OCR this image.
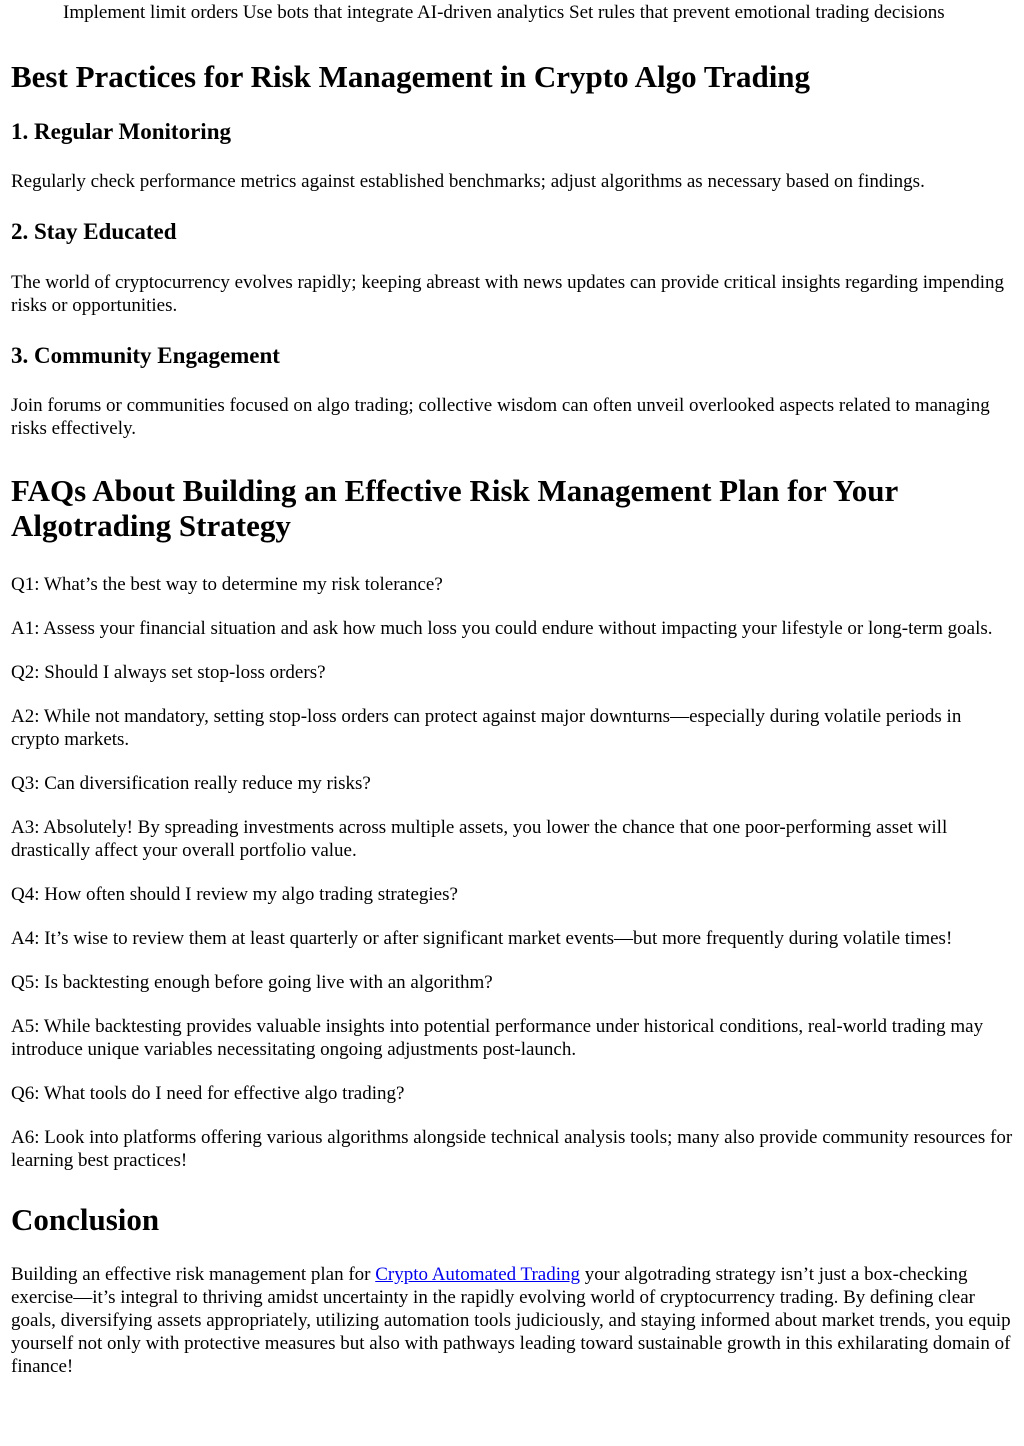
Implement limit orders Use bots that integrate AI-driven analytics Set rules that prevent emotional trading decisions

Best Practices for Risk Management in Crypto Algo Trading
1. Regular Monitoring

Regularly check performance metrics against established benchmarks; adjust algorithms as necessary based on findings.

2. Stay Educated

The world of cryptocurrency evolves rapidly; keeping abreast with news updates can provide critical insights regarding impending risks or opportunities.

3. Community Engagement

Join forums or communities focused on algo trading; collective wisdom can often unveil overlooked aspects related to managing risks effectively.

FAQs About Building an Effective Risk Management Plan for Your Algotrading Strategy

Q1: What’s the best way to determine my risk tolerance?

A1: Assess your financial situation and ask how much loss you could endure without impacting your lifestyle or long-term goals.

Q2: Should I always set stop-loss orders?

A2: While not mandatory, setting stop-loss orders can protect against major downturns—especially during volatile periods in crypto markets.

Q3: Can diversification really reduce my risks?

A3: Absolutely! By spreading investments across multiple assets, you lower the chance that one poor-performing asset will drastically affect your overall portfolio value.

Q4: How often should I review my algo trading strategies?

A4: It’s wise to review them at least quarterly or after significant market events—but more frequently during volatile times!

Q5: Is backtesting enough before going live with an algorithm?

A5: While backtesting provides valuable insights into potential performance under historical conditions, real-world trading may introduce unique variables necessitating ongoing adjustments post-launch.

Q6: What tools do I need for effective algo trading?

A6: Look into platforms offering various algorithms alongside technical analysis tools; many also provide community resources for learning best practices!

Conclusion

Building an effective risk management plan for Crypto Automated Trading your algotrading strategy isn’t just a box-checking exercise—it’s integral to thriving amidst uncertainty in the rapidly evolving world of cryptocurrency trading. By defining clear goals, diversifying assets appropriately, utilizing automation tools judiciously, and staying informed about market trends, you equip yourself not only with protective measures but also with pathways leading toward sustainable growth in this exhilarating domain of finance!
